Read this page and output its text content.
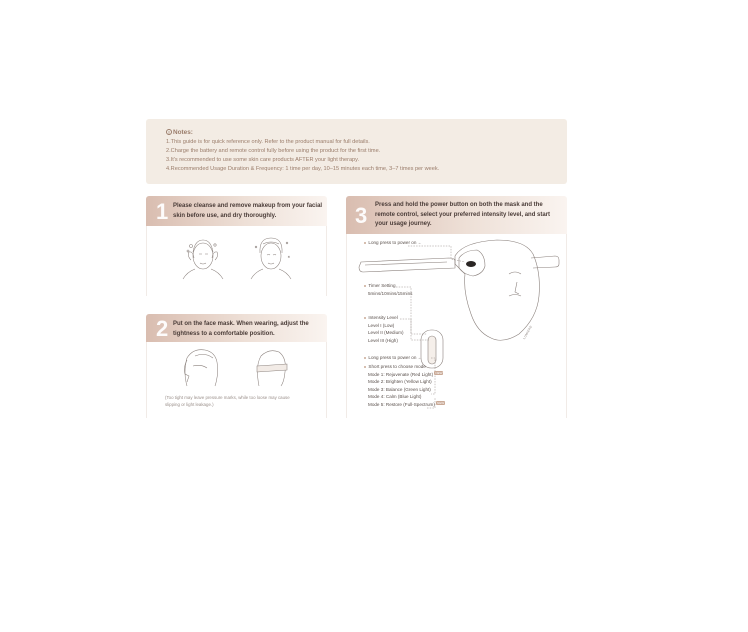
! Notes:
1.This guide is for quick reference only. Refer to the product manual for full details.
2.Charge the battery and remote control fully before using the product for the first time.
3.It's recommended to use some skin care products AFTER your light therapy.
4.Recommended Usage Duration & Frequency: 1 time per day, 10–15 minutes each time, 3–7 times per week.
1 Please cleanse and remove makeup from your facial
skin before use, and dry thoroughly.
2 Put on the face mask. When wearing, adjust the
tightness to a comfortable position.
(Too tight may leave pressure marks, while too loose may cause
slipping or light leakage.)
3 Press and hold the power button on both the mask and the
remote control, select your preferred intensity level, and start
your usage journey.
LUMIERE
Long press to power on ←
Timer Setting
5mins/10mins/15mins
Intensity Level
Level I (Low)
Level II (Medium)
Level III (High)
Long press to power on ←
Short press to choose mode
Mode 1: Rejuvenate (Red Light) NEW
Mode 2: Brighten (Yellow Light)
Mode 3: Balance (Green Light)
Mode 4: Calm (Blue Light)
Mode 5: Restore (Full-Spectrum) NEW
